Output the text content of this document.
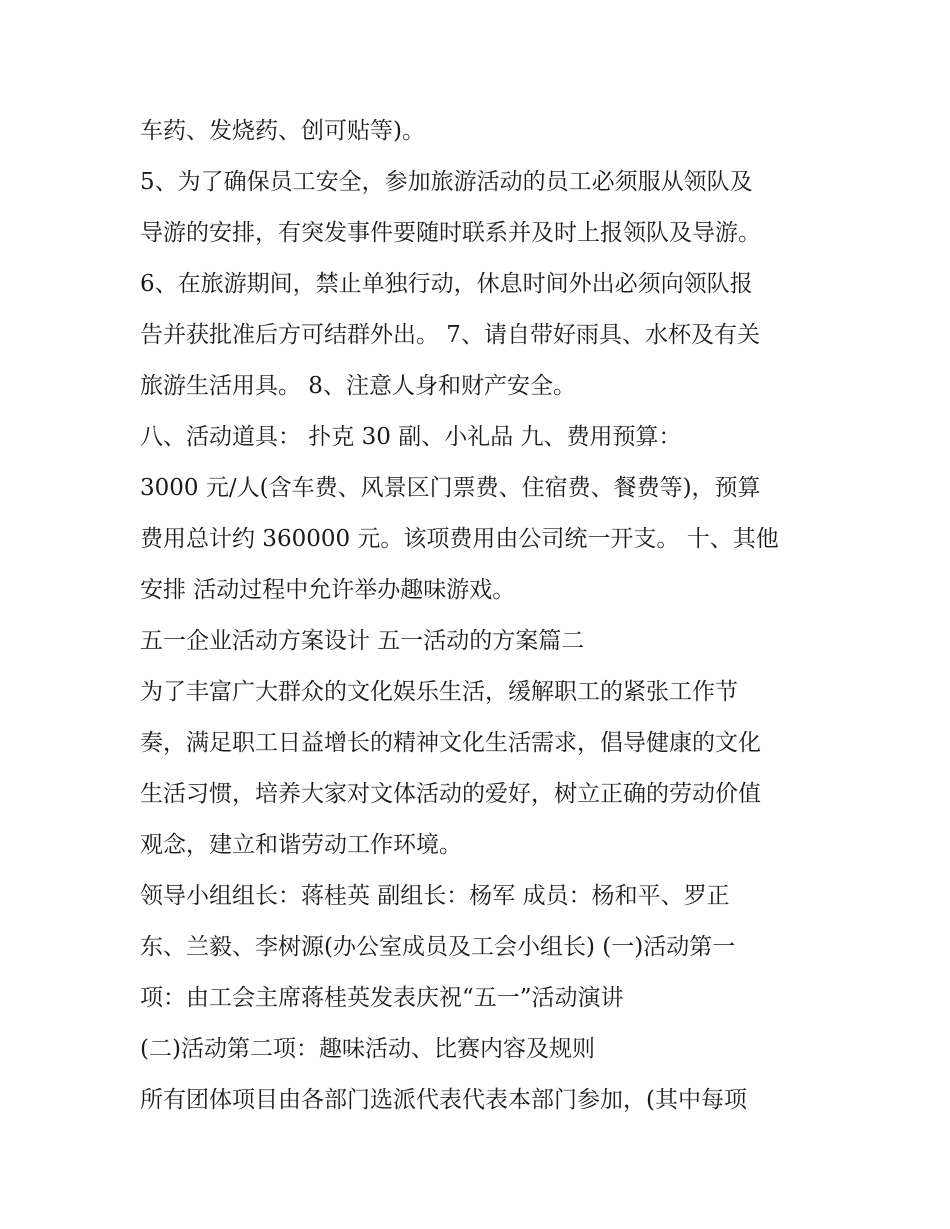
车药、发烧药、创可贴等)。
5、为了确保员工安全，参加旅游活动的员工必须服从领队及
导游的安排，有突发事件要随时联系并及时上报领队及导游。
6、在旅游期间，禁止单独行动，休息时间外出必须向领队报
告并获批准后方可结群外出。 7、请自带好雨具、水杯及有关
旅游生活用具。 8、注意人身和财产安全。
八、活动道具： 扑克 30 副、小礼品 九、费用预算：
3000 元/人(含车费、风景区门票费、住宿费、餐费等)，预算
费用总计约 360000 元。该项费用由公司统一开支。 十、其他
安排 活动过程中允许举办趣味游戏。
五一企业活动方案设计 五一活动的方案篇二
为了丰富广大群众的文化娱乐生活，缓解职工的紧张工作节
奏，满足职工日益增长的精神文化生活需求，倡导健康的文化
生活习惯，培养大家对文体活动的爱好，树立正确的劳动价值
观念，建立和谐劳动工作环境。
领导小组组长：蒋桂英 副组长：杨军 成员：杨和平、罗正
东、兰毅、李树源(办公室成员及工会小组长) (一)活动第一
项：由工会主席蒋桂英发表庆祝“五一”活动演讲
(二)活动第二项：趣味活动、比赛内容及规则
所有团体项目由各部门选派代表代表本部门参加，(其中每项
